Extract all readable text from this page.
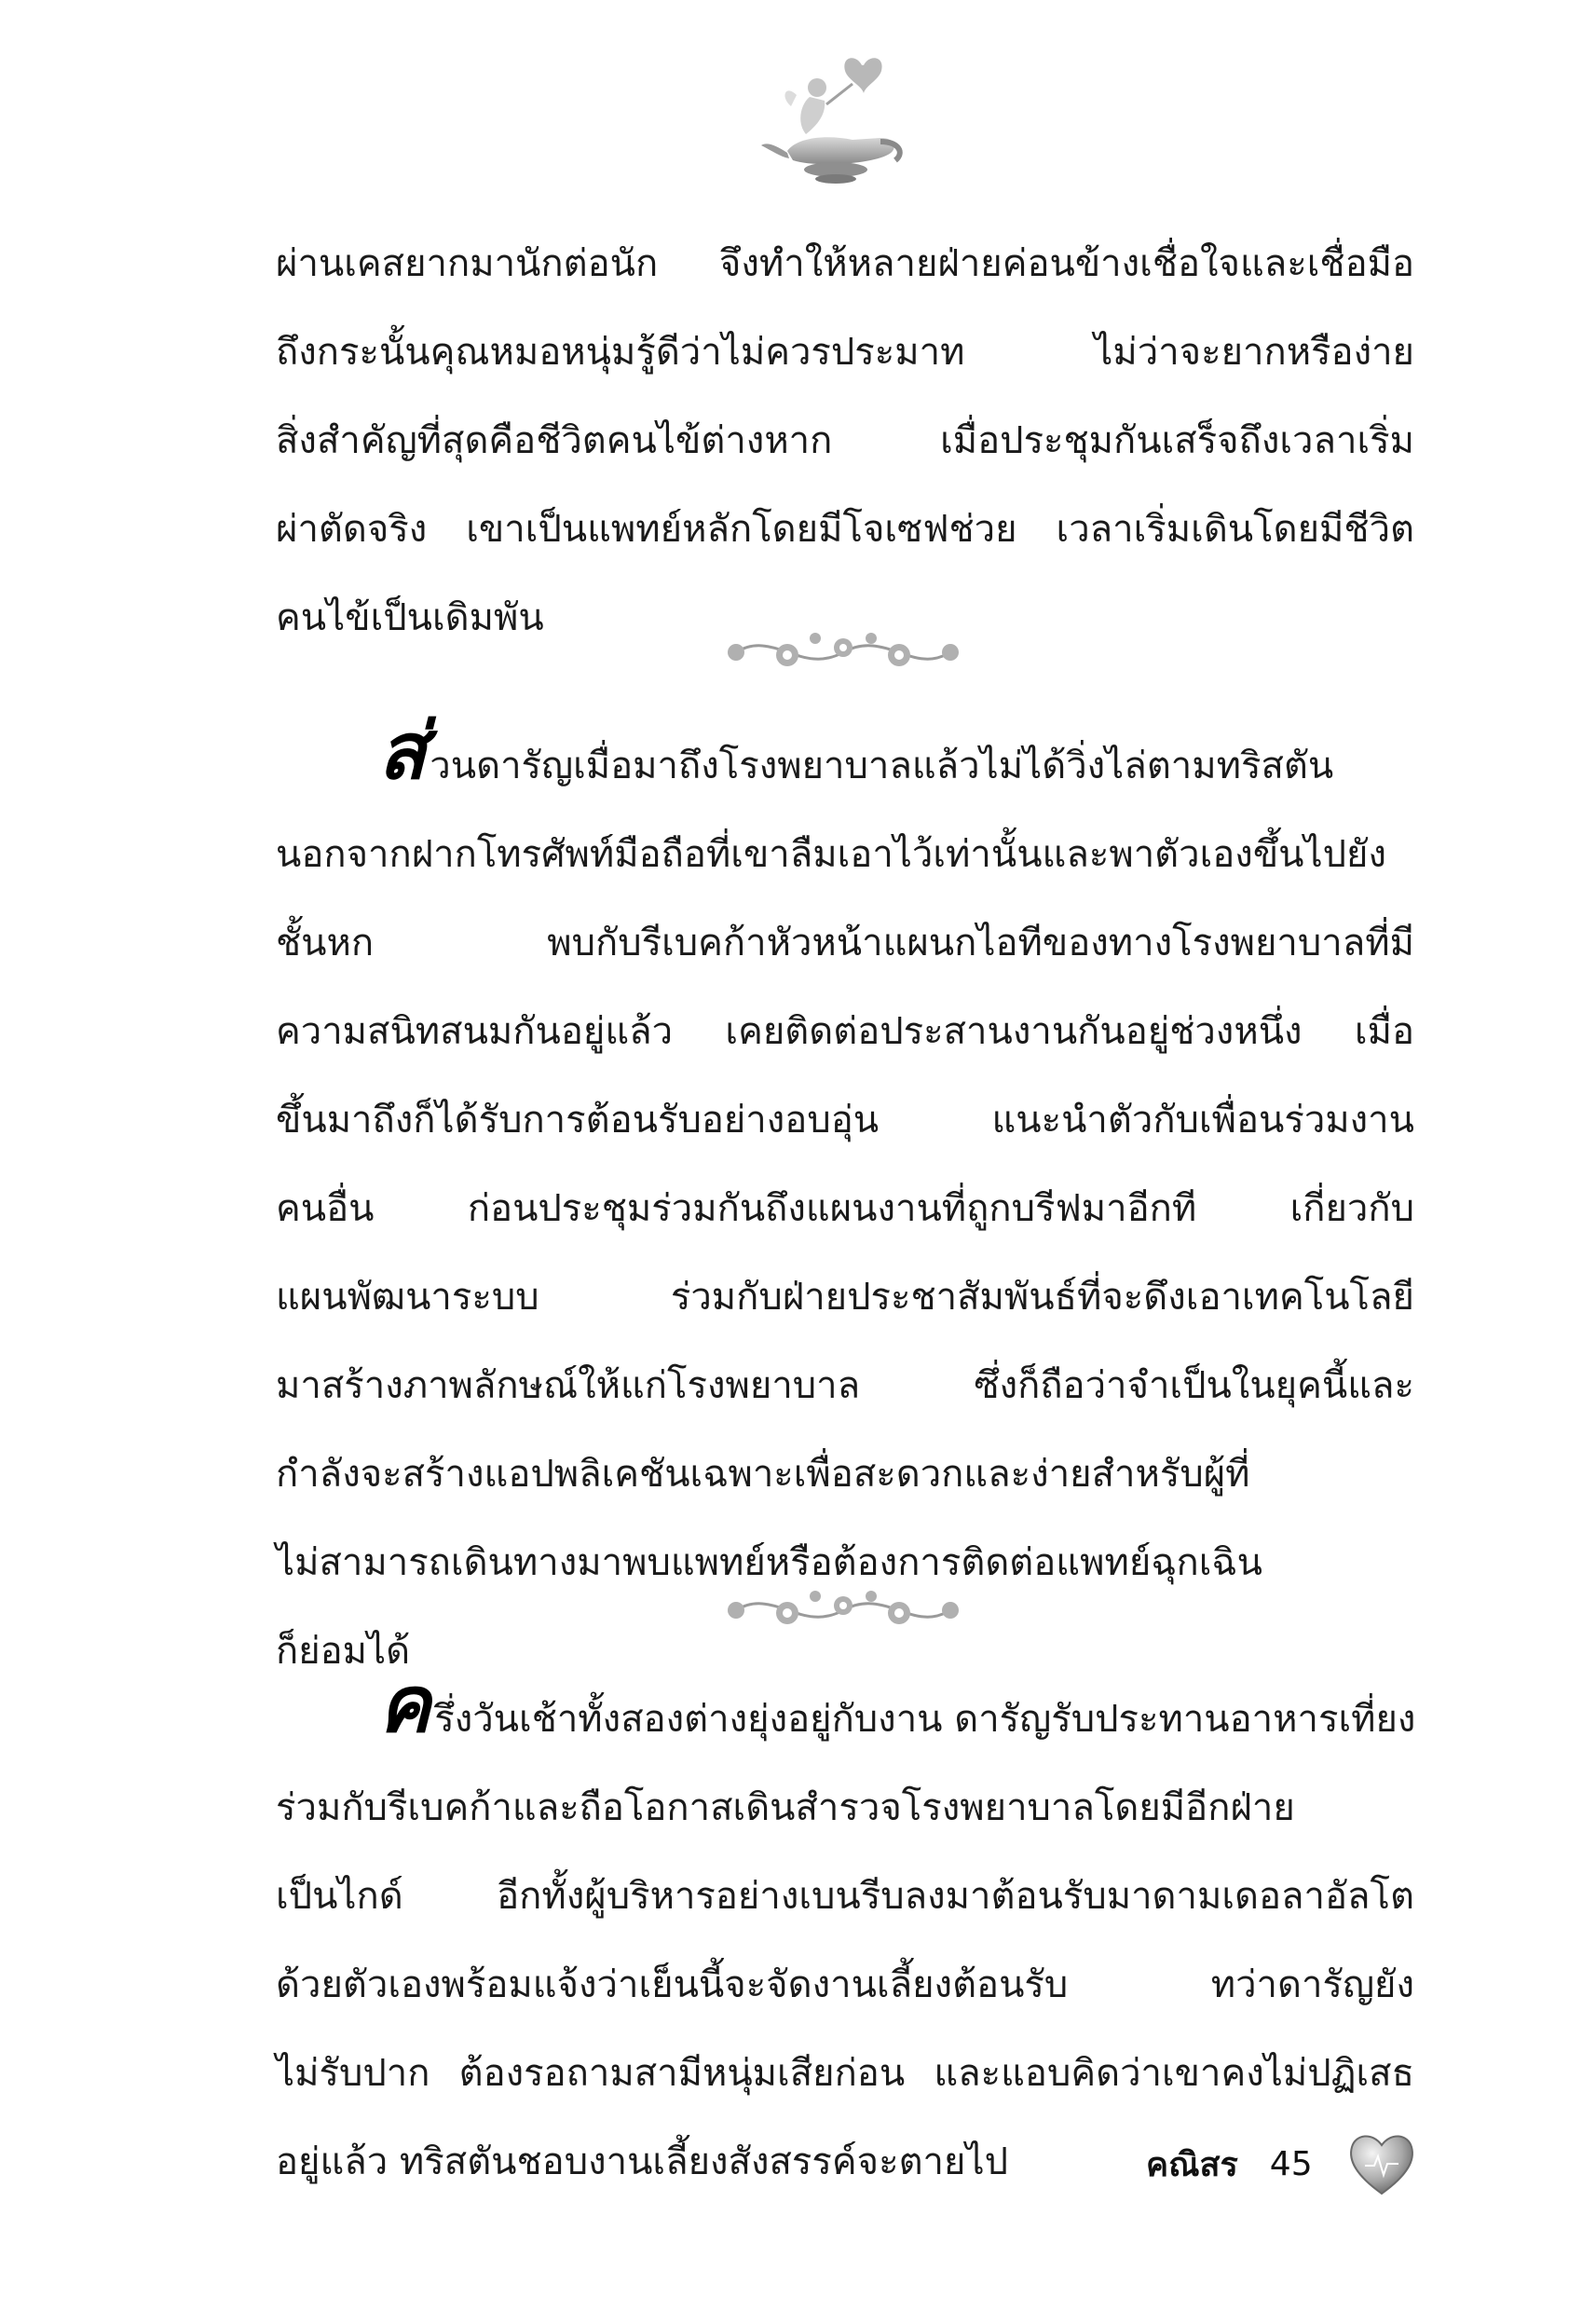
ผ่านเคสยากมานักต่อนัก จึงทำให้หลายฝ่ายค่อนข้างเชื่อใจและเชื่อมือ
ถึงกระนั้นคุณหมอหนุ่มรู้ดีว่าไม่ควรประมาท ไม่ว่าจะยากหรือง่าย
สิ่งสำคัญที่สุดคือชีวิตคนไข้ต่างหาก เมื่อประชุมกันเสร็จถึงเวลาเริ่ม
ผ่าตัดจริง เขาเป็นแพทย์หลักโดยมีโจเซฟช่วย เวลาเริ่มเดินโดยมีชีวิต
คนไข้เป็นเดิมพัน
ส่วนดารัญเมื่อมาถึงโรงพยาบาลแล้วไม่ได้วิ่งไล่ตามทริสตัน
นอกจากฝากโทรศัพท์มือถือที่เขาลืมเอาไว้เท่านั้นและพาตัวเองขึ้นไปยัง
ชั้นหก พบกับรีเบคก้าหัวหน้าแผนกไอทีของทางโรงพยาบาลที่มี
ความสนิทสนมกันอยู่แล้ว เคยติดต่อประสานงานกันอยู่ช่วงหนึ่ง เมื่อ
ขึ้นมาถึงก็ได้รับการต้อนรับอย่างอบอุ่น แนะนำตัวกับเพื่อนร่วมงาน
คนอื่น ก่อนประชุมร่วมกันถึงแผนงานที่ถูกบรีฟมาอีกที เกี่ยวกับ
แผนพัฒนาระบบ ร่วมกับฝ่ายประชาสัมพันธ์ที่จะดึงเอาเทคโนโลยี
มาสร้างภาพลักษณ์ให้แก่โรงพยาบาล ซึ่งก็ถือว่าจำเป็นในยุคนี้และ
กำลังจะสร้างแอปพลิเคชันเฉพาะเพื่อสะดวกและง่ายสำหรับผู้ที่
ไม่สามารถเดินทางมาพบแพทย์หรือต้องการติดต่อแพทย์ฉุกเฉิน
ก็ย่อมได้
ครึ่งวันเช้าทั้งสองต่างยุ่งอยู่กับงาน ดารัญรับประทานอาหารเที่ยง
ร่วมกับรีเบคก้าและถือโอกาสเดินสำรวจโรงพยาบาลโดยมีอีกฝ่าย
เป็นไกด์ อีกทั้งผู้บริหารอย่างเบนรีบลงมาต้อนรับมาดามเดอลาอัลโต
ด้วยตัวเองพร้อมแจ้งว่าเย็นนี้จะจัดงานเลี้ยงต้อนรับ ทว่าดารัญยัง
ไม่รับปาก ต้องรอถามสามีหนุ่มเสียก่อน และแอบคิดว่าเขาคงไม่ปฏิเสธ
อยู่แล้ว ทริสตันชอบงานเลี้ยงสังสรรค์จะตายไป	คณิสร 45
